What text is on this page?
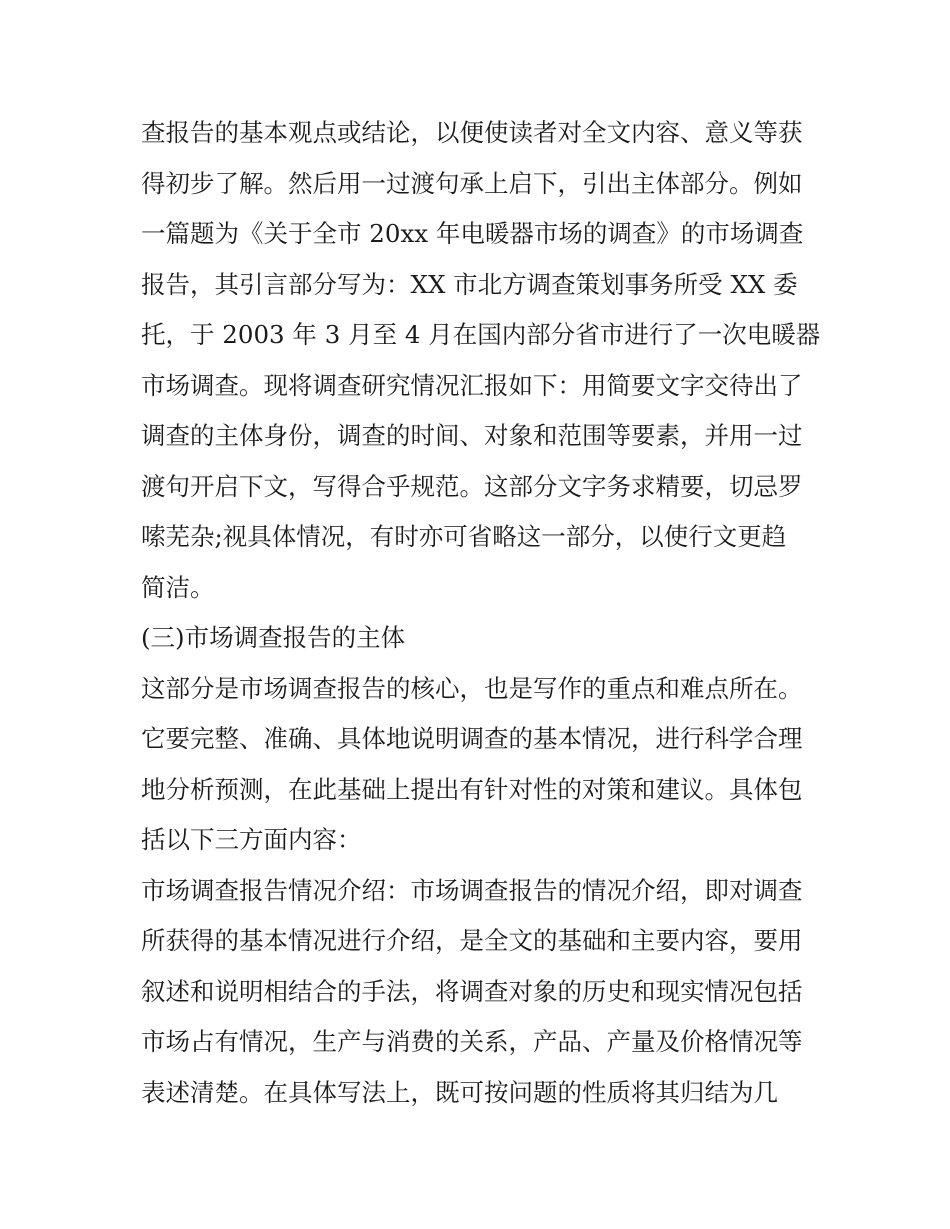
查报告的基本观点或结论，以便使读者对全文内容、意义等获
得初步了解。然后用一过渡句承上启下，引出主体部分。例如
一篇题为《关于全市 20xx 年电暖器市场的调查》的市场调查
报告，其引言部分写为：XX 市北方调查策划事务所受 XX 委
托，于 2003 年 3 月至 4 月在国内部分省市进行了一次电暖器
市场调查。现将调查研究情况汇报如下：用简要文字交待出了
调查的主体身份，调查的时间、对象和范围等要素，并用一过
渡句开启下文，写得合乎规范。这部分文字务求精要，切忌罗
嗦芜杂;视具体情况，有时亦可省略这一部分，以使行文更趋
简洁。
(三)市场调查报告的主体
这部分是市场调查报告的核心，也是写作的重点和难点所在。
它要完整、准确、具体地说明调查的基本情况，进行科学合理
地分析预测，在此基础上提出有针对性的对策和建议。具体包
括以下三方面内容：
市场调查报告情况介绍：市场调查报告的情况介绍，即对调查
所获得的基本情况进行介绍，是全文的基础和主要内容，要用
叙述和说明相结合的手法，将调查对象的历史和现实情况包括
市场占有情况，生产与消费的关系，产品、产量及价格情况等
表述清楚。在具体写法上，既可按问题的性质将其归结为几
